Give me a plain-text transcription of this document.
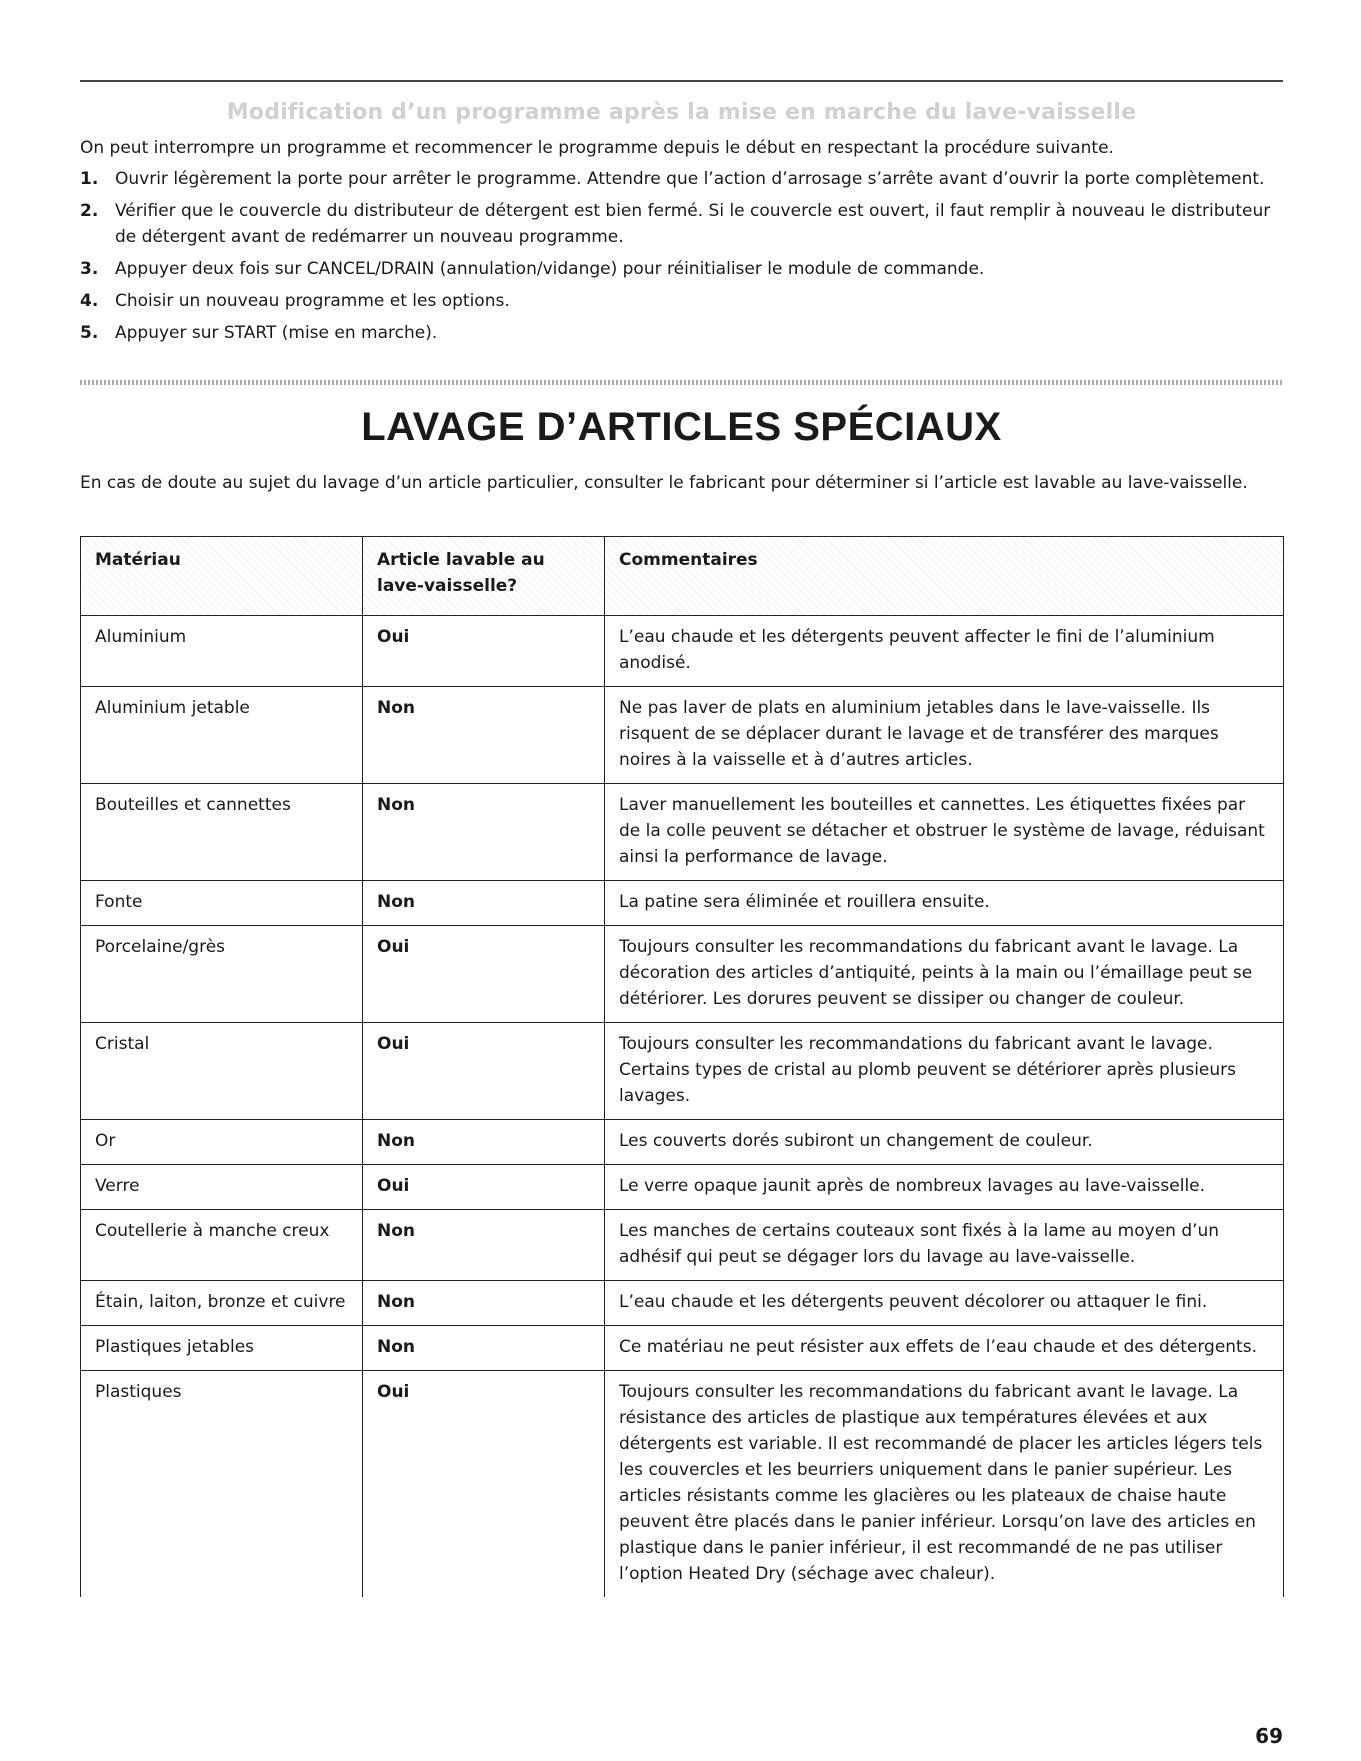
Modification d’un programme après la mise en marche du lave-vaisselle

On peut interrompre un programme et recommencer le programme depuis le début en respectant la procédure suivante.

1. Ouvrir légèrement la porte pour arrêter le programme. Attendre que l’action d’arrosage s’arrête avant d’ouvrir la porte complètement.
2. Vérifier que le couvercle du distributeur de détergent est bien fermé. Si le couvercle est ouvert, il faut remplir à nouveau le distributeur de détergent avant de redémarrer un nouveau programme.
3. Appuyer deux fois sur CANCEL/DRAIN (annulation/vidange) pour réinitialiser le module de commande.
4. Choisir un nouveau programme et les options.
5. Appuyer sur START (mise en marche).
LAVAGE D’ARTICLES SPÉCIAUX

En cas de doute au sujet du lavage d’un article particulier, consulter le fabricant pour déterminer si l’article est lavable au lave-vaisselle.

Matériau	Article lavable au lave-vaisselle?	Commentaires
Aluminium	Oui	L’eau chaude et les détergents peuvent affecter le fini de l’aluminium anodisé.
Aluminium jetable	Non	Ne pas laver de plats en aluminium jetables dans le lave-vaisselle. Ils risquent de se déplacer durant le lavage et de transférer des marques noires à la vaisselle et à d’autres articles.
Bouteilles et cannettes	Non	Laver manuellement les bouteilles et cannettes. Les étiquettes fixées par de la colle peuvent se détacher et obstruer le système de lavage, réduisant ainsi la performance de lavage.
Fonte	Non	La patine sera éliminée et rouillera ensuite.
Porcelaine/grès	Oui	Toujours consulter les recommandations du fabricant avant le lavage. La décoration des articles d’antiquité, peints à la main ou l’émaillage peut se détériorer. Les dorures peuvent se dissiper ou changer de couleur.
Cristal	Oui	Toujours consulter les recommandations du fabricant avant le lavage. Certains types de cristal au plomb peuvent se détériorer après plusieurs lavages.
Or	Non	Les couverts dorés subiront un changement de couleur.
Verre	Oui	Le verre opaque jaunit après de nombreux lavages au lave-vaisselle.
Coutellerie à manche creux	Non	Les manches de certains couteaux sont fixés à la lame au moyen d’un adhésif qui peut se dégager lors du lavage au lave-vaisselle.
Étain, laiton, bronze et cuivre	Non	L’eau chaude et les détergents peuvent décolorer ou attaquer le fini.
Plastiques jetables	Non	Ce matériau ne peut résister aux effets de l’eau chaude et des détergents.
Plastiques	Oui	Toujours consulter les recommandations du fabricant avant le lavage. La résistance des articles de plastique aux températures élevées et aux détergents est variable. Il est recommandé de placer les articles légers tels les couvercles et les beurriers uniquement dans le panier supérieur. Les articles résistants comme les glacières ou les plateaux de chaise haute peuvent être placés dans le panier inférieur. Lorsqu’on lave des articles en plastique dans le panier inférieur, il est recommandé de ne pas utiliser l’option Heated Dry (séchage avec chaleur).
69
